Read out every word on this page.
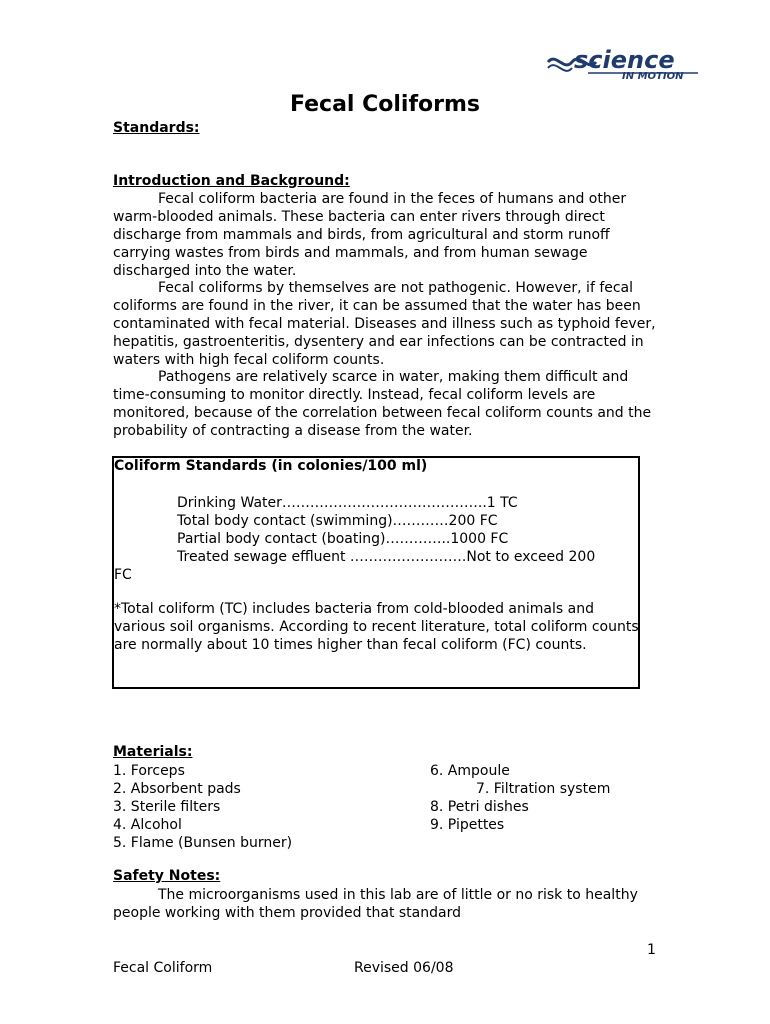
science
IN MOTION
Fecal Coliforms
Standards:
Introduction and Background:

Fecal coliform bacteria are found in the feces of humans and other warm-blooded animals. These bacteria can enter rivers through direct discharge from mammals and birds, from agricultural and storm runoff carrying wastes from birds and mammals, and from human sewage discharged into the water.

Fecal coliforms by themselves are not pathogenic. However, if fecal coliforms are found in the river, it can be assumed that the water has been contaminated with fecal material. Diseases and illness such as typhoid fever, hepatitis, gastroenteritis, dysentery and ear infections can be contracted in waters with high fecal coliform counts.

Pathogens are relatively scarce in water, making them difficult and time-consuming to monitor directly. Instead, fecal coliform levels are monitored, because of the correlation between fecal coliform counts and the probability of contracting a disease from the water.

Coliform Standards (in colonies/100 ml)
Drinking Water……………………………………..1 TC
Total body contact (swimming)…………200 FC
Partial body contact (boating)…………..1000 FC
Treated sewage effluent …………………….Not to exceed 200
FC
*Total coliform (TC) includes bacteria from cold-blooded animals and various soil organisms. According to recent literature, total coliform counts are normally about 10 times higher than fecal coliform (FC) counts.
Materials:
1. Forceps
2. Absorbent pads
3. Sterile filters
4. Alcohol
5. Flame (Bunsen burner)
6. Ampoule
7. Filtration system
8. Petri dishes
9. Pipettes
Safety Notes:

The microorganisms used in this lab are of little or no risk to healthy people working with them provided that standard

1
Fecal Coliform	Revised 06/08
